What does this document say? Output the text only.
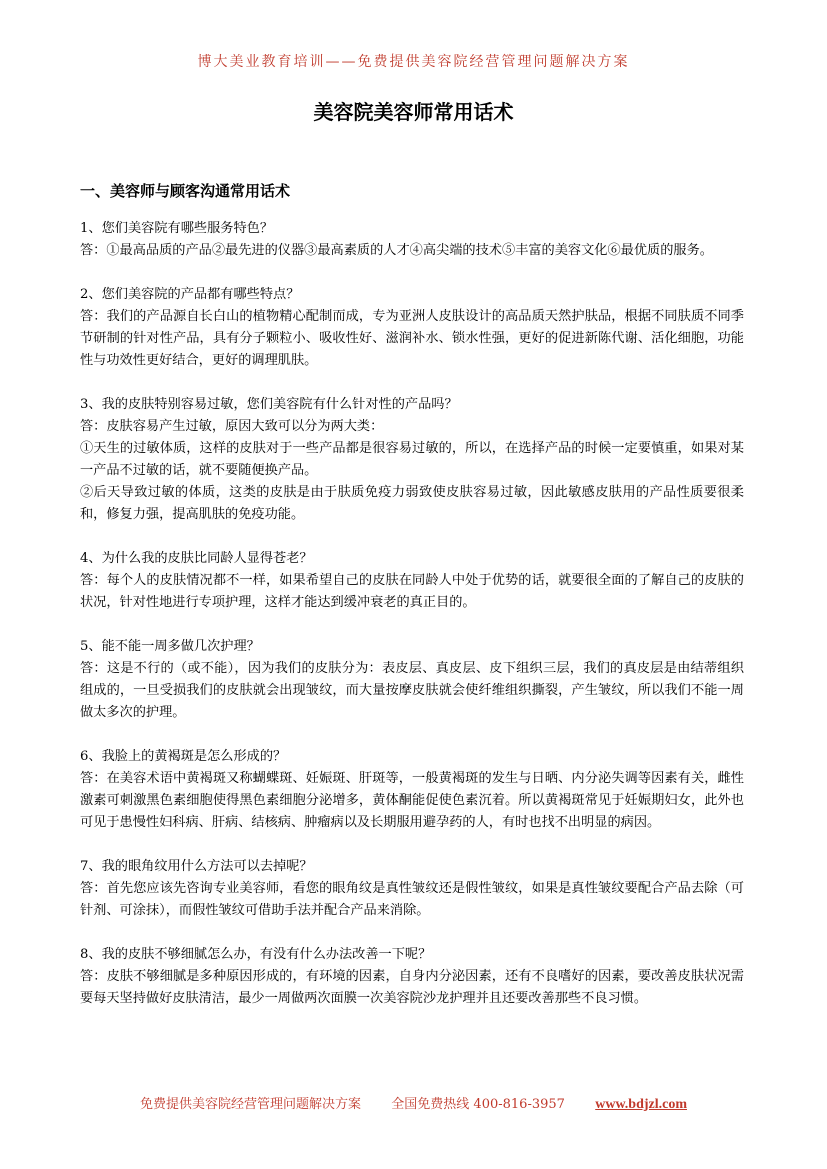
博大美业教育培训——免费提供美容院经营管理问题解决方案
美容院美容师常用话术
一、美容师与顾客沟通常用话术

1、您们美容院有哪些服务特色？

答：①最高品质的产品②最先进的仪器③最高素质的人才④高尖端的技术⑤丰富的美容文化⑥最优质的服务。

2、您们美容院的产品都有哪些特点？

答：我们的产品源自长白山的植物精心配制而成，专为亚洲人皮肤设计的高品质天然护肤品，根据不同肤质不同季节研制的针对性产品，具有分子颗粒小、吸收性好、滋润补水、锁水性强，更好的促进新陈代谢、活化细胞，功能性与功效性更好结合，更好的调理肌肤。

3、我的皮肤特别容易过敏，您们美容院有什么针对性的产品吗？

答：皮肤容易产生过敏，原因大致可以分为两大类：

①天生的过敏体质，这样的皮肤对于一些产品都是很容易过敏的，所以，在选择产品的时候一定要慎重，如果对某一产品不过敏的话，就不要随便换产品。

②后天导致过敏的体质，这类的皮肤是由于肤质免疫力弱致使皮肤容易过敏，因此敏感皮肤用的产品性质要很柔和，修复力强，提高肌肤的免疫功能。

4、为什么我的皮肤比同龄人显得苍老？

答：每个人的皮肤情况都不一样，如果希望自己的皮肤在同龄人中处于优势的话，就要很全面的了解自己的皮肤的状况，针对性地进行专项护理，这样才能达到缓冲衰老的真正目的。

5、能不能一周多做几次护理？

答：这是不行的（或不能），因为我们的皮肤分为：表皮层、真皮层、皮下组织三层，我们的真皮层是由结蒂组织组成的，一旦受损我们的皮肤就会出现皱纹，而大量按摩皮肤就会使纤维组织撕裂，产生皱纹，所以我们不能一周做太多次的护理。

6、我脸上的黄褐斑是怎么形成的？

答：在美容术语中黄褐斑又称蝴蝶斑、妊娠斑、肝斑等，一般黄褐斑的发生与日晒、内分泌失调等因素有关，雌性激素可刺激黑色素细胞使得黑色素细胞分泌增多，黄体酮能促使色素沉着。所以黄褐斑常见于妊娠期妇女，此外也可见于患慢性妇科病、肝病、结核病、肿瘤病以及长期服用避孕药的人，有时也找不出明显的病因。

7、我的眼角纹用什么方法可以去掉呢？

答：首先您应该先咨询专业美容师，看您的眼角纹是真性皱纹还是假性皱纹，如果是真性皱纹要配合产品去除（可针剂、可涂抹），而假性皱纹可借助手法并配合产品来消除。

8、我的皮肤不够细腻怎么办，有没有什么办法改善一下呢？

答：皮肤不够细腻是多种原因形成的，有环境的因素，自身内分泌因素，还有不良嗜好的因素，要改善皮肤状况需要每天坚持做好皮肤清洁，最少一周做两次面膜一次美容院沙龙护理并且还要改善那些不良习惯。

免费提供美容院经营管理问题解决方案 全国免费热线 400-816-3957 www.bdjzl.com
